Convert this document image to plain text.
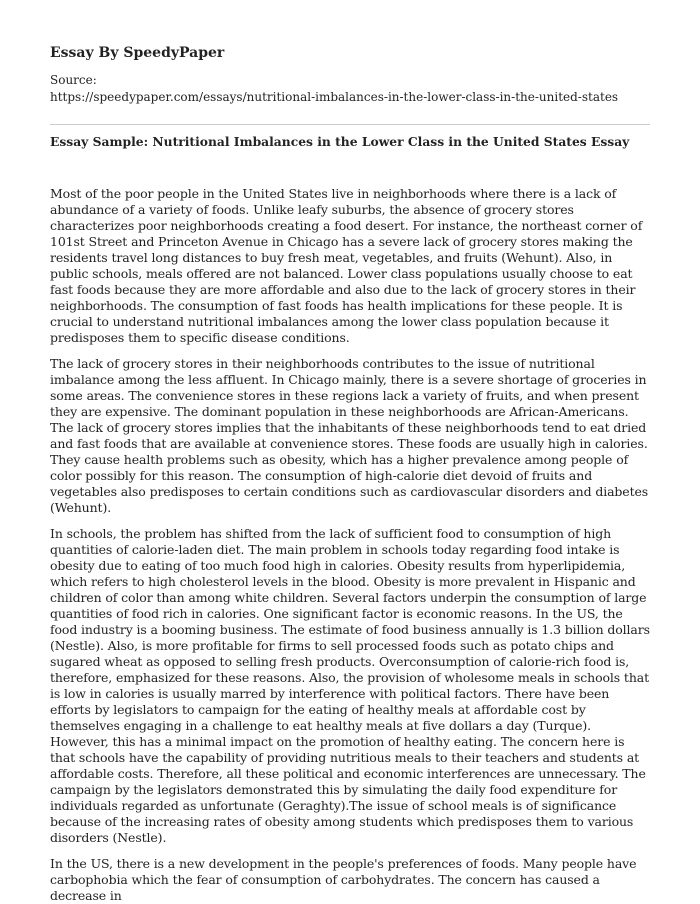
Essay By SpeedyPaper

Source:
https://speedypaper.com/essays/nutritional-imbalances-in-the-lower-class-in-the-united-states
Essay Sample: Nutritional Imbalances in the Lower Class in the United States Essay

Most of the poor people in the United States live in neighborhoods where there is a lack of abundance of a variety of foods. Unlike leafy suburbs, the absence of grocery stores characterizes poor neighborhoods creating a food desert. For instance, the northeast corner of 101st Street and Princeton Avenue in Chicago has a severe lack of grocery stores making the residents travel long distances to buy fresh meat, vegetables, and fruits (Wehunt). Also, in public schools, meals offered are not balanced. Lower class populations usually choose to eat fast foods because they are more affordable and also due to the lack of grocery stores in their neighborhoods. The consumption of fast foods has health implications for these people. It is crucial to understand nutritional imbalances among the lower class population because it predisposes them to specific disease conditions.

The lack of grocery stores in their neighborhoods contributes to the issue of nutritional imbalance among the less affluent. In Chicago mainly, there is a severe shortage of groceries in some areas. The convenience stores in these regions lack a variety of fruits, and when present they are expensive. The dominant population in these neighborhoods are African-Americans. The lack of grocery stores implies that the inhabitants of these neighborhoods tend to eat dried and fast foods that are available at convenience stores. These foods are usually high in calories. They cause health problems such as obesity, which has a higher prevalence among people of color possibly for this reason. The consumption of high-calorie diet devoid of fruits and vegetables also predisposes to certain conditions such as cardiovascular disorders and diabetes (Wehunt).

In schools, the problem has shifted from the lack of sufficient food to consumption of high quantities of calorie-laden diet. The main problem in schools today regarding food intake is obesity due to eating of too much food high in calories. Obesity results from hyperlipidemia, which refers to high cholesterol levels in the blood. Obesity is more prevalent in Hispanic and children of color than among white children. Several factors underpin the consumption of large quantities of food rich in calories. One significant factor is economic reasons. In the US, the food industry is a booming business. The estimate of food business annually is 1.3 billion dollars (Nestle). Also, is more profitable for firms to sell processed foods such as potato chips and sugared wheat as opposed to selling fresh products. Overconsumption of calorie-rich food is, therefore, emphasized for these reasons. Also, the provision of wholesome meals in schools that is low in calories is usually marred by interference with political factors. There have been efforts by legislators to campaign for the eating of healthy meals at affordable cost by themselves engaging in a challenge to eat healthy meals at five dollars a day (Turque). However, this has a minimal impact on the promotion of healthy eating. The concern here is that schools have the capability of providing nutritious meals to their teachers and students at affordable costs. Therefore, all these political and economic interferences are unnecessary. The campaign by the legislators demonstrated this by simulating the daily food expenditure for individuals regarded as unfortunate (Geraghty).The issue of school meals is of significance because of the increasing rates of obesity among students which predisposes them to various disorders (Nestle).

In the US, there is a new development in the people's preferences of foods. Many people have carbophobia which the fear of consumption of carbohydrates. The concern has caused a decrease in
